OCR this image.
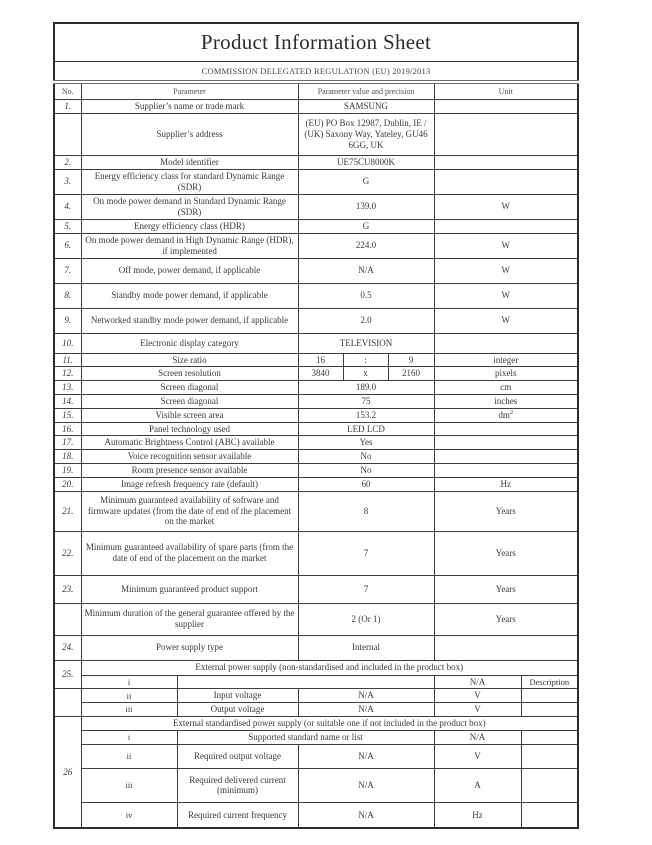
Product Information Sheet							
COMMISSION DELEGATED REGULATION (EU) 2019/2013							
No.	Parameter		Parameter value and precision			Unit	
1.	Supplier’s name or trade mark		SAMSUNG				
	Supplier’s address		(EU) PO Box 12987, Dublin, IE / (UK) Saxony Way, Yateley, GU46 6GG, UK				
2.	Model identifier		UE75CU8000K				
3.	Energy efficiency class for standard Dynamic Range (SDR)		G				
4.	On mode power demand in Standard Dynamic Range (SDR)		139.0			W	
5.	Energy efficiency class (HDR)		G				
6.	On mode power demand in High Dynamic Range (HDR), if implemented		224.0			W	
7.	Off mode, power demand, if applicable		N/A			W	
8.	Standby mode power demand, if applicable		0.5			W	
9.	Networked standby mode power demand, if applicable		2.0			W	
10.	Electronic display category		TELEVISION				
11.	Size ratio		16	:	9	integer	
12.	Screen resolution		3840	x	2160	pixels	
13.	Screen diagonal		189.0			cm	
14.	Screen diagonal		75			inches	
15.	Visible screen area		153.2			$dm^2$
16.	Panel technology used		LED LCD				
17.	Automatic Brightness Control (ABC) available		Yes				
18.	Voice recognition sensor available		No				
19.	Room presence sensor available		No				
20.	Image refresh frequency rate (default)		60			Hz	
21.	Minimum guaranteed availability of software and firmware updates (from the date of end of the placement on the market		8			Years	
22.	Minimum guaranteed availability of spare parts (from the date of end of the placement on the market		7			Years	
23.	Minimum guaranteed product support		7			Years	
	Minimum duration of the general guarantee offered by the supplier		2 (Or 1)			Years	
24.	Power supply type		Internal				
25.	External power supply (non-standardised and included in the product box)						
	i					N/A	Description
	ii	Input voltage	N/A			V	
	iii	Output voltage	N/A			V	
26	External standardised power supply (or suitable one if not included in the product box)						
	i	Supported standard name or list				N/A	
	ii	Required output voltage	N/A			V	
	iii	Required delivered current (minimum)	N/A			A	
	iv	Required current frequency	N/A			Hz	
